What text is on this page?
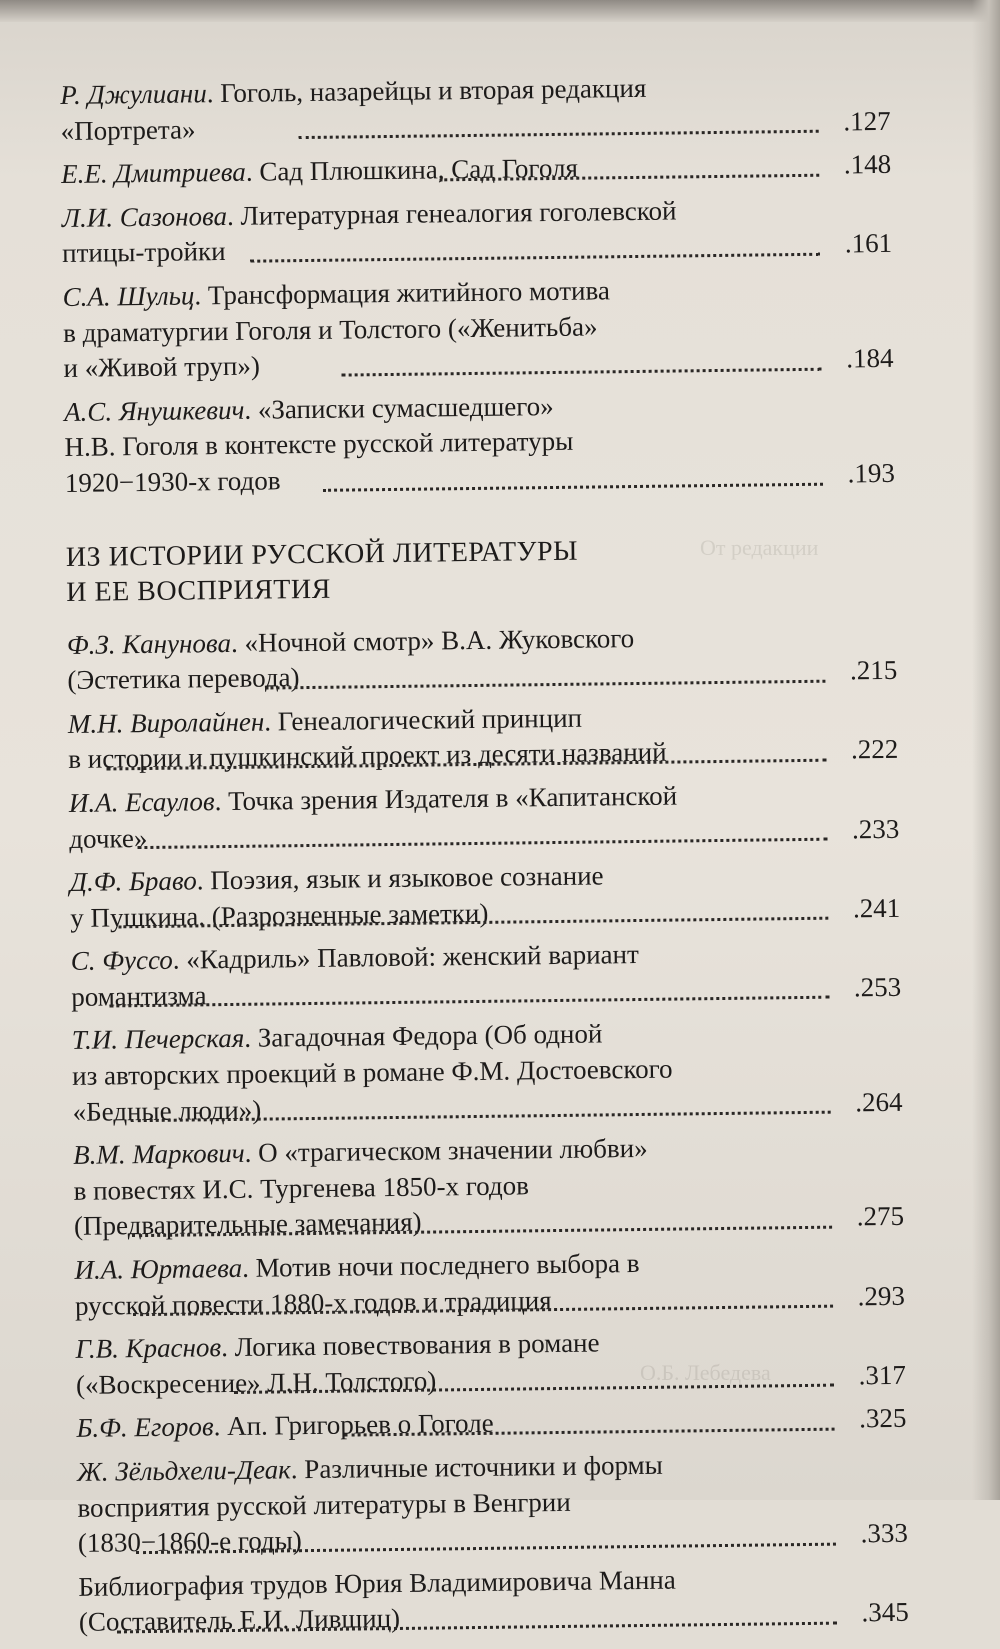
От редакции
О.Б. Лебедева
Р. Джулиани. Гоголь, назарейцы и вторая редакция
«Портрета»	.127
Е.Е. Дмитриева. Сад Плюшкина, Сад Гоголя	.148
Л.И. Сазонова. Литературная генеалогия гоголевской
птицы-тройки	.161
С.А. Шульц. Трансформация житийного мотива
в драматургии Гоголя и Толстого («Женитьба»
и «Живой труп»)	.184
А.С. Янушкевич. «Записки сумасшедшего»
Н.В. Гоголя в контексте русской литературы
1920−1930-х годов	.193
ИЗ ИСТОРИИ РУССКОЙ ЛИТЕРАТУРЫ
И ЕЕ ВОСПРИЯТИЯ
Ф.З. Канунова. «Ночной смотр» В.А. Жуковского
(Эстетика перевода)	.215
М.Н. Виролайнен. Генеалогический принцип
в истории и пушкинский проект из десяти названий	.222
И.А. Есаулов. Точка зрения Издателя в «Капитанской
дочке»	.233
Д.Ф. Браво. Поэзия, язык и языковое сознание
у Пушкина. (Разрозненные заметки)	.241
С. Фуссо. «Кадриль» Павловой: женский вариант
романтизма	.253
Т.И. Печерская. Загадочная Федора (Об одной
из авторских проекций в романе Ф.М. Достоевского
«Бедные люди»)	.264
В.М. Маркович. О «трагическом значении любви»
в повестях И.С. Тургенева 1850-х годов
(Предварительные замечания)	.275
И.А. Юртаева. Мотив ночи последнего выбора в
русской повести 1880-х годов и традиция	.293
Г.В. Краснов. Логика повествования в романе
(«Воскресение» Л.Н. Толстого)	.317
Б.Ф. Егоров. Ап. Григорьев о Гоголе	.325
Ж. Зёльдхели-Деак. Различные источники и формы
восприятия русской литературы в Венгрии
(1830−1860-е годы)	.333
Библиография трудов Юрия Владимировича Манна
(Составитель Е.И. Лившиц)	.345
